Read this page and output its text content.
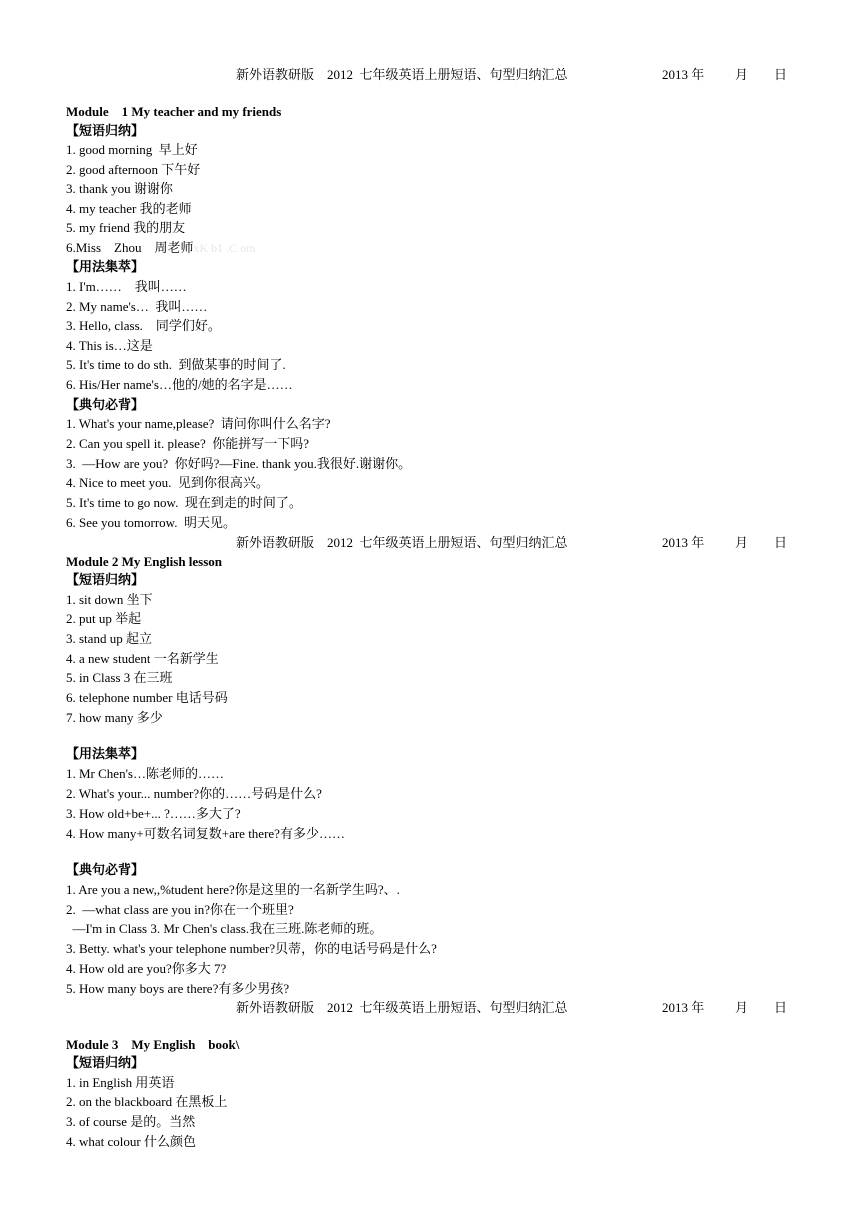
新外语教研版　2012  七年级英语上册短语、句型归纳汇总	2013 年 月 日
Module    1 My teacher and my friends
【短语归纳】
1. good morning  早上好
2. good afternoon 下午好
3. thank you 谢谢你
4. my teacher 我的老师
5. my friend 我的朋友
6.Miss    Zhou    周老师xK b1 .C om
【用法集萃】
1. I'm……    我叫……
2. My name's…  我叫……
3. Hello, class.    同学们好。
4. This is…这是
5. It's time to do sth.  到做某事的时间了.
6. His/Her name's…他的/她的名字是……
【典句必背】
1. What's your name,please?  请问你叫什么名字?
2. Can you spell it. please?  你能拼写一下吗?
3.  —How are you?  你好吗?—Fine. thank you.我很好.谢谢你。
4. Nice to meet you.  见到你很高兴。
5. It's time to go now.  现在到走的时间了。
6. See you tomorrow.  明天见。
新外语教研版　2012  七年级英语上册短语、句型归纳汇总	2013 年 月 日
Module 2 My English lesson
【短语归纳】
1. sit down 坐下
2. put up 举起
3. stand up 起立
4. a new student 一名新学生
5. in Class 3 在三班
6. telephone number 电话号码
7. how many 多少
【用法集萃】
1. Mr Chen's…陈老师的……
2. What's your... number?你的……号码是什么?
3. How old+be+... ?……多大了?
4. How many+可数名词复数+are there?有多少……
【典句必背】
1. Are you a new,,%tudent here?你是这里的一名新学生吗?、.
2.  —what class are you in?你在一个班里?
—I'm in Class 3. Mr Chen's class.我在三班.陈老师的班。
3. Betty. what's your telephone number?贝蒂，你的电话号码是什么?
4. How old are you?你多大 7?
5. How many boys are there?有多少男孩?
新外语教研版　2012  七年级英语上册短语、句型归纳汇总	2013 年 月 日
Module 3    My English    book\
【短语归纳】
1. in English 用英语
2. on the blackboard 在黑板上
3. of course 是的。当然
4. what colour 什么颜色
